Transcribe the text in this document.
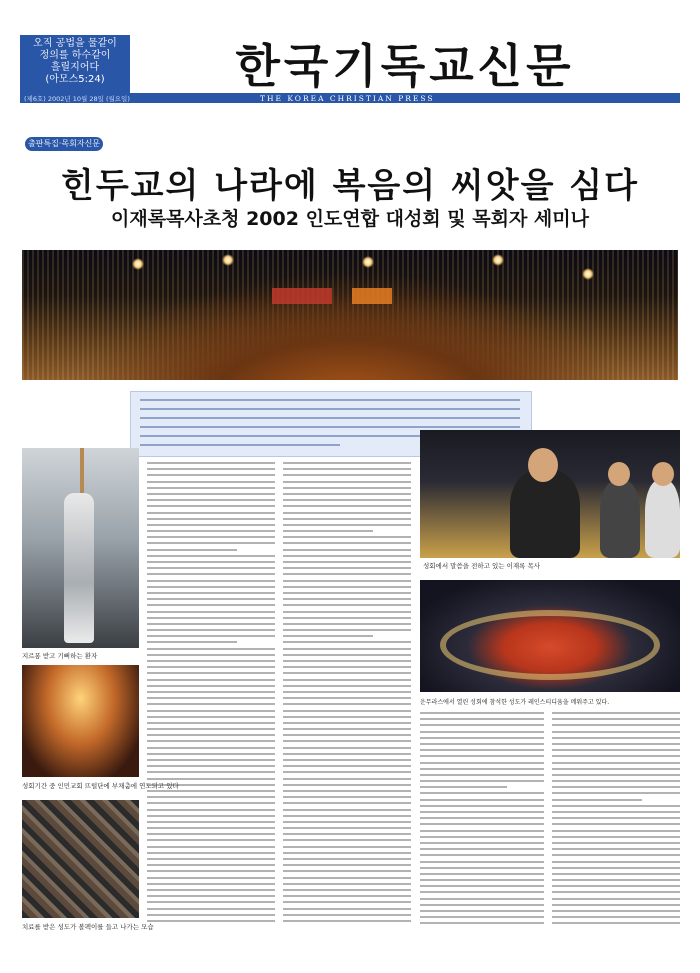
오직 공법을 물같이
정의를 하수같이
흘릴지어다
(아모스5:24)	한국기독교신문
(제6호) 2002년 10월 28일 (월요일)	THE KOREA CHRISTIAN PRESS
출판특집·목회자신문
힌두교의 나라에 복음의 씨앗을 심다
이재록목사초청 2002 인도연합 대성회 및 목회자 세미나
지르퐁 받고 기뻐하는 환자
성회기간 중 인민교회 뜨럴단에 부채춤에 연도되고 있다
치료를 받은 성도가 볼펙이를 들고 나가는 모습
성회에서 말씀을 전하고 있는 이재록 목사
운무라스에서 열린 성회에 참석한 성도가 레인스티디움을 메워주고 있다.
